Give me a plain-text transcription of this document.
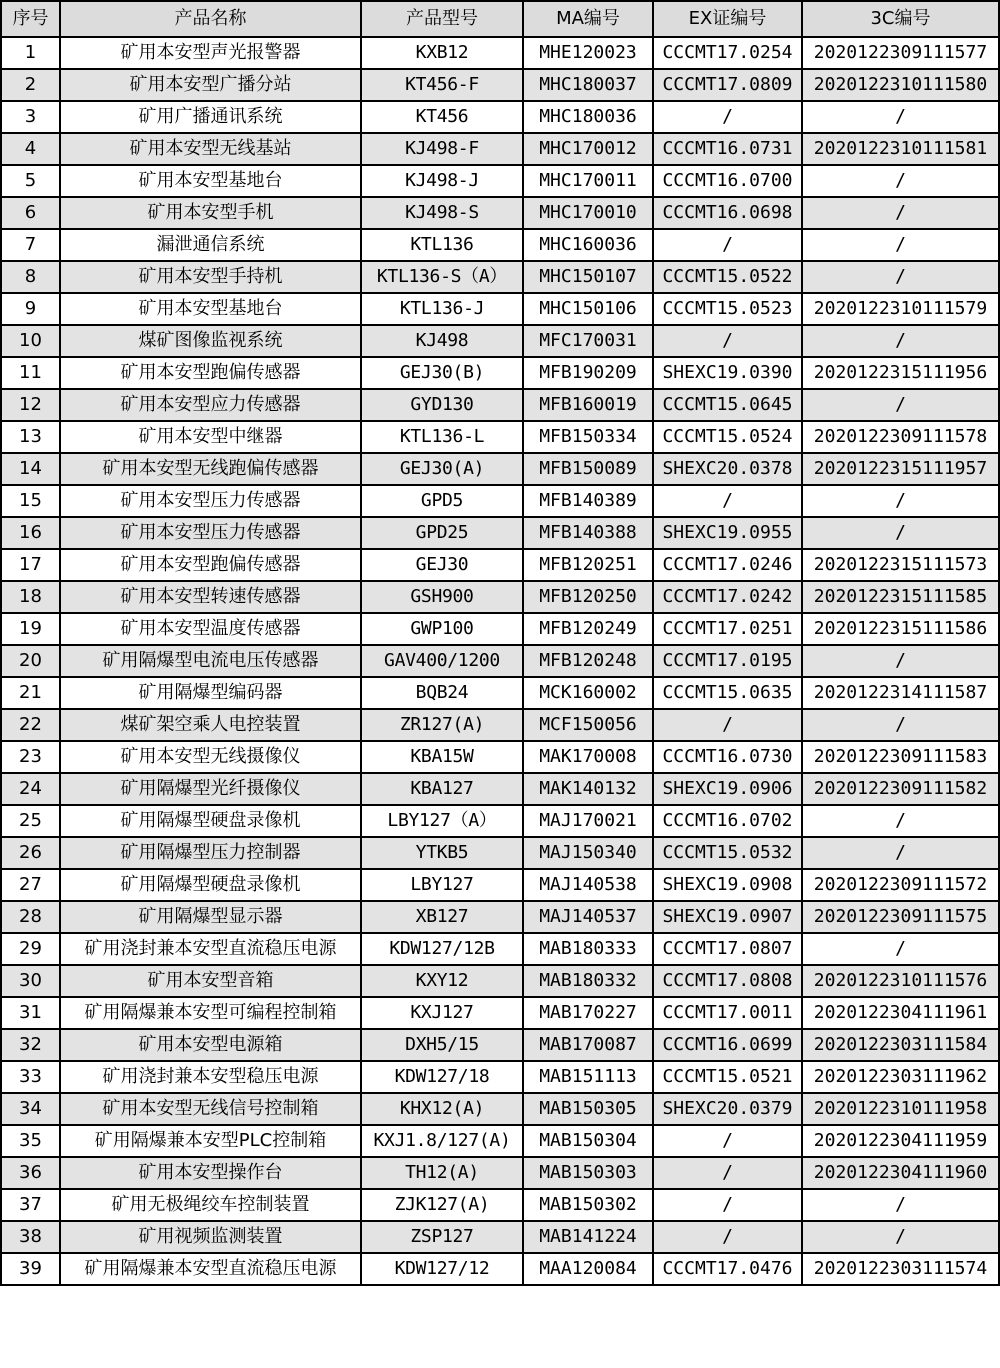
序号	产品名称	产品型号	MA编号	EX证编号	3C编号
1	矿用本安型声光报警器	KXB12	MHE120023	CCCMT17.0254	2020122309111577
2	矿用本安型广播分站	KT456-F	MHC180037	CCCMT17.0809	2020122310111580
3	矿用广播通讯系统	KT456	MHC180036	/	/
4	矿用本安型无线基站	KJ498-F	MHC170012	CCCMT16.0731	2020122310111581
5	矿用本安型基地台	KJ498-J	MHC170011	CCCMT16.0700	/
6	矿用本安型手机	KJ498-S	MHC170010	CCCMT16.0698	/
7	漏泄通信系统	KTL136	MHC160036	/	/
8	矿用本安型手持机	KTL136-S（A）	MHC150107	CCCMT15.0522	/
9	矿用本安型基地台	KTL136-J	MHC150106	CCCMT15.0523	2020122310111579
10	煤矿图像监视系统	KJ498	MFC170031	/	/
11	矿用本安型跑偏传感器	GEJ30(B)	MFB190209	SHEXC19.0390	2020122315111956
12	矿用本安型应力传感器	GYD130	MFB160019	CCCMT15.0645	/
13	矿用本安型中继器	KTL136-L	MFB150334	CCCMT15.0524	2020122309111578
14	矿用本安型无线跑偏传感器	GEJ30(A)	MFB150089	SHEXC20.0378	2020122315111957
15	矿用本安型压力传感器	GPD5	MFB140389	/	/
16	矿用本安型压力传感器	GPD25	MFB140388	SHEXC19.0955	/
17	矿用本安型跑偏传感器	GEJ30	MFB120251	CCCMT17.0246	2020122315111573
18	矿用本安型转速传感器	GSH900	MFB120250	CCCMT17.0242	2020122315111585
19	矿用本安型温度传感器	GWP100	MFB120249	CCCMT17.0251	2020122315111586
20	矿用隔爆型电流电压传感器	GAV400/1200	MFB120248	CCCMT17.0195	/
21	矿用隔爆型编码器	BQB24	MCK160002	CCCMT15.0635	2020122314111587
22	煤矿架空乘人电控装置	ZR127(A)	MCF150056	/	/
23	矿用本安型无线摄像仪	KBA15W	MAK170008	CCCMT16.0730	2020122309111583
24	矿用隔爆型光纤摄像仪	KBA127	MAK140132	SHEXC19.0906	2020122309111582
25	矿用隔爆型硬盘录像机	LBY127（A）	MAJ170021	CCCMT16.0702	/
26	矿用隔爆型压力控制器	YTKB5	MAJ150340	CCCMT15.0532	/
27	矿用隔爆型硬盘录像机	LBY127	MAJ140538	SHEXC19.0908	2020122309111572
28	矿用隔爆型显示器	XB127	MAJ140537	SHEXC19.0907	2020122309111575
29	矿用浇封兼本安型直流稳压电源	KDW127/12B	MAB180333	CCCMT17.0807	/
30	矿用本安型音箱	KXY12	MAB180332	CCCMT17.0808	2020122310111576
31	矿用隔爆兼本安型可编程控制箱	KXJ127	MAB170227	CCCMT17.0011	2020122304111961
32	矿用本安型电源箱	DXH5/15	MAB170087	CCCMT16.0699	2020122303111584
33	矿用浇封兼本安型稳压电源	KDW127/18	MAB151113	CCCMT15.0521	2020122303111962
34	矿用本安型无线信号控制箱	KHX12(A)	MAB150305	SHEXC20.0379	2020122310111958
35	矿用隔爆兼本安型PLC控制箱	KXJ1.8/127(A)	MAB150304	/	2020122304111959
36	矿用本安型操作台	TH12(A)	MAB150303	/	2020122304111960
37	矿用无极绳绞车控制装置	ZJK127(A)	MAB150302	/	/
38	矿用视频监测装置	ZSP127	MAB141224	/	/
39	矿用隔爆兼本安型直流稳压电源	KDW127/12	MAA120084	CCCMT17.0476	2020122303111574
